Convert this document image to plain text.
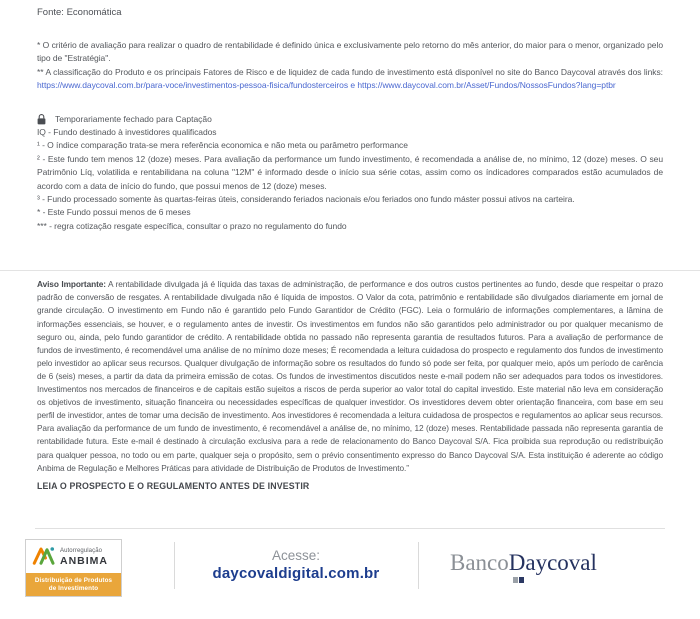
Fonte: Economática

* O critério de avaliação para realizar o quadro de rentabilidade é definido única e exclusivamente pelo retorno do mês anterior, do maior para o menor, organizado pelo tipo de "Estratégia".
** A classificação do Produto e os principais Fatores de Risco e de liquidez de cada fundo de investimento está disponível no site do Banco Daycoval através dos links: https://www.daycoval.com.br/para-voce/investimentos-pessoa-fisica/fundosterceiros e https://www.daycoval.com.br/Asset/Fundos/NossosFundos?lang=ptbr

Temporariamente fechado para Captação

IQ - Fundo destinado à investidores qualificados

¹ - O índice comparação trata-se mera referência economica e não meta ou parâmetro performance

² - Este fundo tem menos 12 (doze) meses. Para avaliação da performance um fundo investimento, é recomendada a análise de, no mínimo, 12 (doze) meses. O seu Patrimônio Líq, volatilida e rentabilidana na coluna "12M" é informado desde o início sua série cotas, assim como os índicadores comparados estão acumulados de acordo com a data de início do fundo, que possui menos de 12 (doze) meses.

³ - Fundo processado somente às quartas-feiras úteis, considerando feriados nacionais e/ou feriados ono fundo máster possui ativos na carteira.

* - Este Fundo possui menos de 6 meses

*** - regra cotização resgate específica, consultar o prazo no regulamento do fundo

Aviso Importante: A rentabilidade divulgada já é líquida das taxas de administração, de performance e dos outros custos pertinentes ao fundo, desde que respeitar o prazo padrão de conversão de resgates. A rentabilidade divulgada não é líquida de impostos. O Valor da cota, patrimônio e rentabilidade são divulgados diariamente em jornal de grande circulação. O investimento em Fundo não é garantido pelo Fundo Garantidor de Crédito (FGC). Leia o formulário de informações complementares, a lâmina de informações essenciais, se houver, e o regulamento antes de investir. Os investimentos em fundos não são garantidos pelo administrador ou por qualquer mecanismo de seguro ou, ainda, pelo fundo garantidor de crédito. A rentabilidade obtida no passado não representa garantia de resultados futuros. Para a avaliação de performance de fundos de investimento, é recomendável uma análise de no mínimo doze meses; É recomendada a leitura cuidadosa do prospecto e regulamento dos fundos de investimento pelo investidor ao aplicar seus recursos. Qualquer divulgação de informação sobre os resultados do fundo só pode ser feita, por qualquer meio, após um período de carência de 6 (seis) meses, a partir da data da primeira emissão de cotas. Os fundos de investimentos discutidos neste e-mail podem não ser adequados para todos os investidores. Investimentos nos mercados de financeiros e de capitais estão sujeitos a riscos de perda superior ao valor total do capital investido. Este material não leva em consideração os objetivos de investimento, situação financeira ou necessidades específicas de qualquer investidor. Os investidores devem obter orientação financeira, com base em seu perfil de investidor, antes de tomar uma decisão de investimento. Aos investidores é recomendada a leitura cuidadosa de prospectos e regulamentos ao aplicar seus recursos. Para avaliação da performance de um fundo de investimento, é recomendável a análise de, no mínimo, 12 (doze) meses. Rentabilidade passada não representa garantia de rentabilidade futura. Este e-mail é destinado à circulação exclusiva para a rede de relacionamento do Banco Daycoval S/A. Fica proibida sua reprodução ou redistribuição para qualquer pessoa, no todo ou em parte, qualquer seja o propósito, sem o prévio consentimento expresso do Banco Daycoval S/A. Esta instituição é aderente ao código Anbima de Regulação e Melhores Práticas para atividade de Distribuição de Produtos de Investimento.”

LEIA O PROSPECTO E O REGULAMENTO ANTES DE INVESTIR

Autorregulação
ANBIMA
Distribuição de Produtos
de Investimento
Acesse:
daycovaldigital.com.br	BancoDaycoval
